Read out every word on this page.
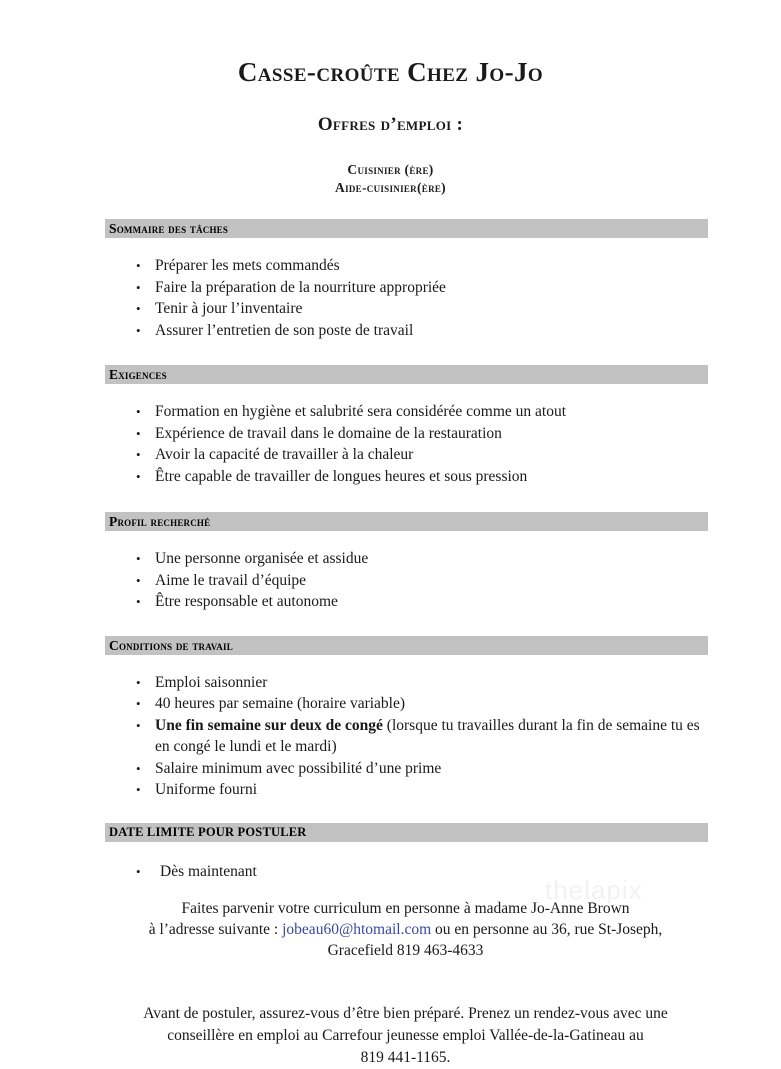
thelapix
Casse-croûte Chez Jo-Jo
Offres d’emploi :
Cuisinier (ère)
Aide-cuisinier(ère)
Sommaire des tâches
• Préparer les mets commandés
• Faire la préparation de la nourriture appropriée
• Tenir à jour l’inventaire
• Assurer l’entretien de son poste de travail
Exigences
• Formation en hygiène et salubrité sera considérée comme un atout
• Expérience de travail dans le domaine de la restauration
• Avoir la capacité de travailler à la chaleur
• Être capable de travailler de longues heures et sous pression
Profil recherché
• Une personne organisée et assidue
• Aime le travail d’équipe
• Être responsable et autonome
Conditions de travail
• Emploi saisonnier
• 40 heures par semaine (horaire variable)
• Une fin semaine sur deux de congé (lorsque tu travailles durant la fin de semaine tu es en congé le lundi et le mardi)
• Salaire minimum avec possibilité d’une prime
• Uniforme fourni
DATE LIMITE POUR POSTULER
• Dès maintenant
Faites parvenir votre curriculum en personne à madame Jo-Anne Brown
à l’adresse suivante : jobeau60@htomail.com ou en personne au 36, rue St-Joseph,
Gracefield 819 463-4633
Avant de postuler, assurez-vous d’être bien préparé. Prenez un rendez-vous avec une
conseillère en emploi au Carrefour jeunesse emploi Vallée-de-la-Gatineau au
819 441-1165.
